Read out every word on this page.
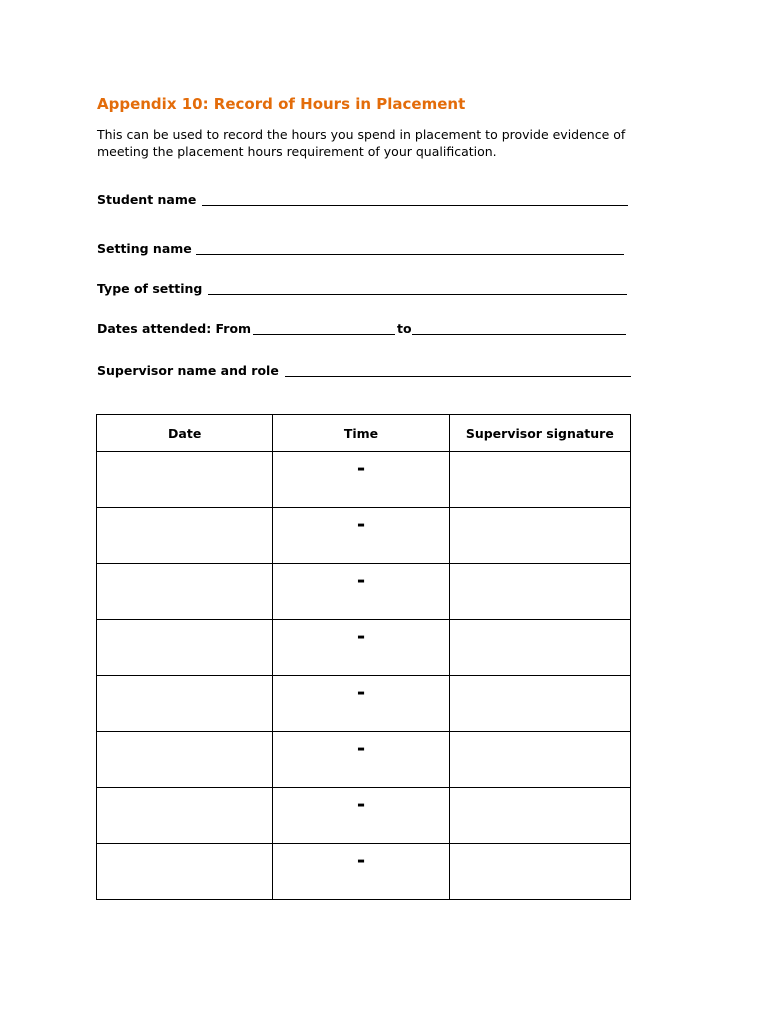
Appendix 10: Record of Hours in Placement

This can be used to record the hours you spend in placement to provide evidence of meeting the placement hours requirement of your qualification.

Student name
Setting name
Type of setting
Dates attended: From	to
Supervisor name and role
Date	Time	Supervisor signature
	-	
	-	
	-	
	-	
	-	
	-	
	-	
	-	
